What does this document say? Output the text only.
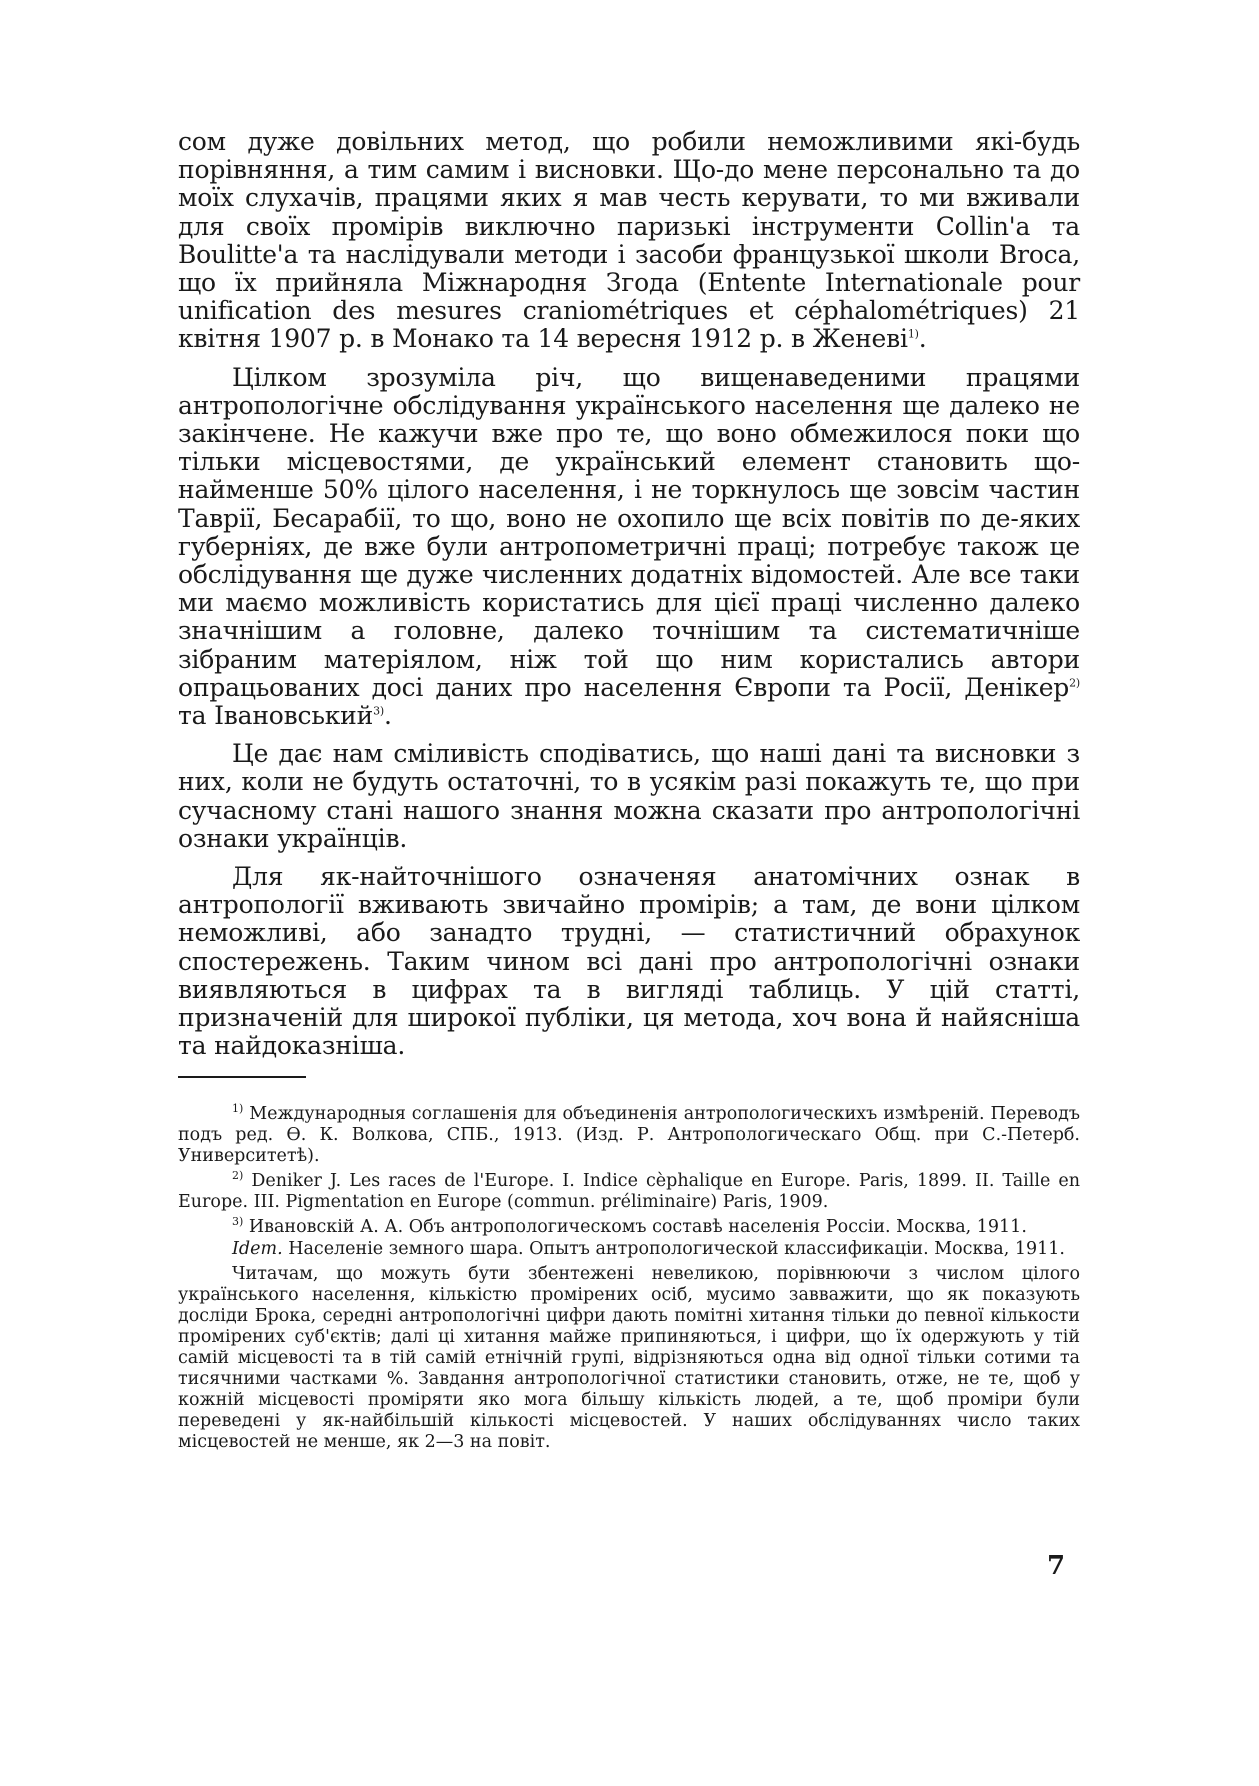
сом дуже довільних метод, що робили неможливими які-будь порівняння, а тим самим і висновки. Що-до мене персонально та до моїх слухачів, працями яких я мав честь керувати, то ми вживали для своїх промірів виключно паризькі інструменти Collin'а та Boulitte'а та наслідували методи і засоби французької школи Broca, що їх прийняла Міжнародня Згода (Entente Internationale pour unification des mesures craniométriques et céphalométriques) 21 квітня 1907 р. в Монако та 14 вересня 1912 р. в Женеві$^{1)}$.

Цілком зрозуміла річ, що вищенаведеними працями антропологічне обслідування українського населення ще далеко не закінчене. Не кажучи вже про те, що воно обмежилося поки що тільки місцевостями, де український елемент становить що-найменше 50% цілого населення, і не торкнулось ще зовсім частин Таврії, Бесарабії, то що, воно не охопило ще всіх повітів по де-яких губерніях, де вже були антропометричні праці; потребує також це обслідування ще дуже численних додатніх відомостей. Але все таки ми маємо можливість користатись для цієї праці численно далеко значнішим а головне, далеко точнішим та систематичніше зібраним матеріялом, ніж той що ним користались автори опрацьованих досі даних про населення Європи та Росії, Денікер$^{2)}$ та Івановський$^{3)}$.

Це дає нам сміливість сподіватись, що наші дані та висновки з них, коли не будуть остаточні, то в усякім разі покажуть те, що при сучасному стані нашого знання можна сказати про антропологічні ознаки українців.

Для як-найточнішого означеняя анатомічних ознак в антропології вживають звичайно промірів; а там, де вони цілком неможливі, або занадто трудні, — статистичний обрахунок спостережень. Таким чином всі дані про антропологічні ознаки виявляються в цифрах та в вигляді таблиць. У цій статті, призначеній для широкої публіки, ця метода, хоч вона й найясніша та найдоказніша.

$^{1)}$ Международныя соглашенія для объединенія антропологическихъ измѣреній. Переводъ подъ ред. Ѳ. К. Волкова, СПБ., 1913. (Изд. Р. Антропологическаго Общ. при С.-Петерб. Университетѣ).

$^{2)}$ Deniker J. Les races de l'Europe. I. Indice cèphalique en Europe. Paris, 1899. II. Taille en Europe. III. Pigmentation en Europe (commun. préliminaire) Paris, 1909.

$^{3)}$ Ивановскій А. А. Объ антропологическомъ составѣ населенія Россіи. Москва, 1911.

Idem. Населеніе земного шара. Опытъ антропологической классификаціи. Москва, 1911.

Читачам, що можуть бути збентежені невеликою, порівнюючи з числом цілого українського населення, кількістю промірених осіб, мусимо завважити, що як показують досліди Брока, середні антропологічні цифри дають помітні хитання тільки до певної кількости промірених суб'єктів; далі ці хитання майже припиняються, і цифри, що їх одержують у тій самій місцевості та в тій самій етнічній групі, відрізняються одна від одної тільки сотими та тисячними частками %. Завдання антропологічної статистики становить, отже, не те, щоб у кожній місцевості проміряти яко мога більшу кількість людей, а те, щоб проміри були переведені у як-найбільшій кількості місцевостей. У наших обслідуваннях число таких місцевостей не менше, як 2—3 на повіт.

7
